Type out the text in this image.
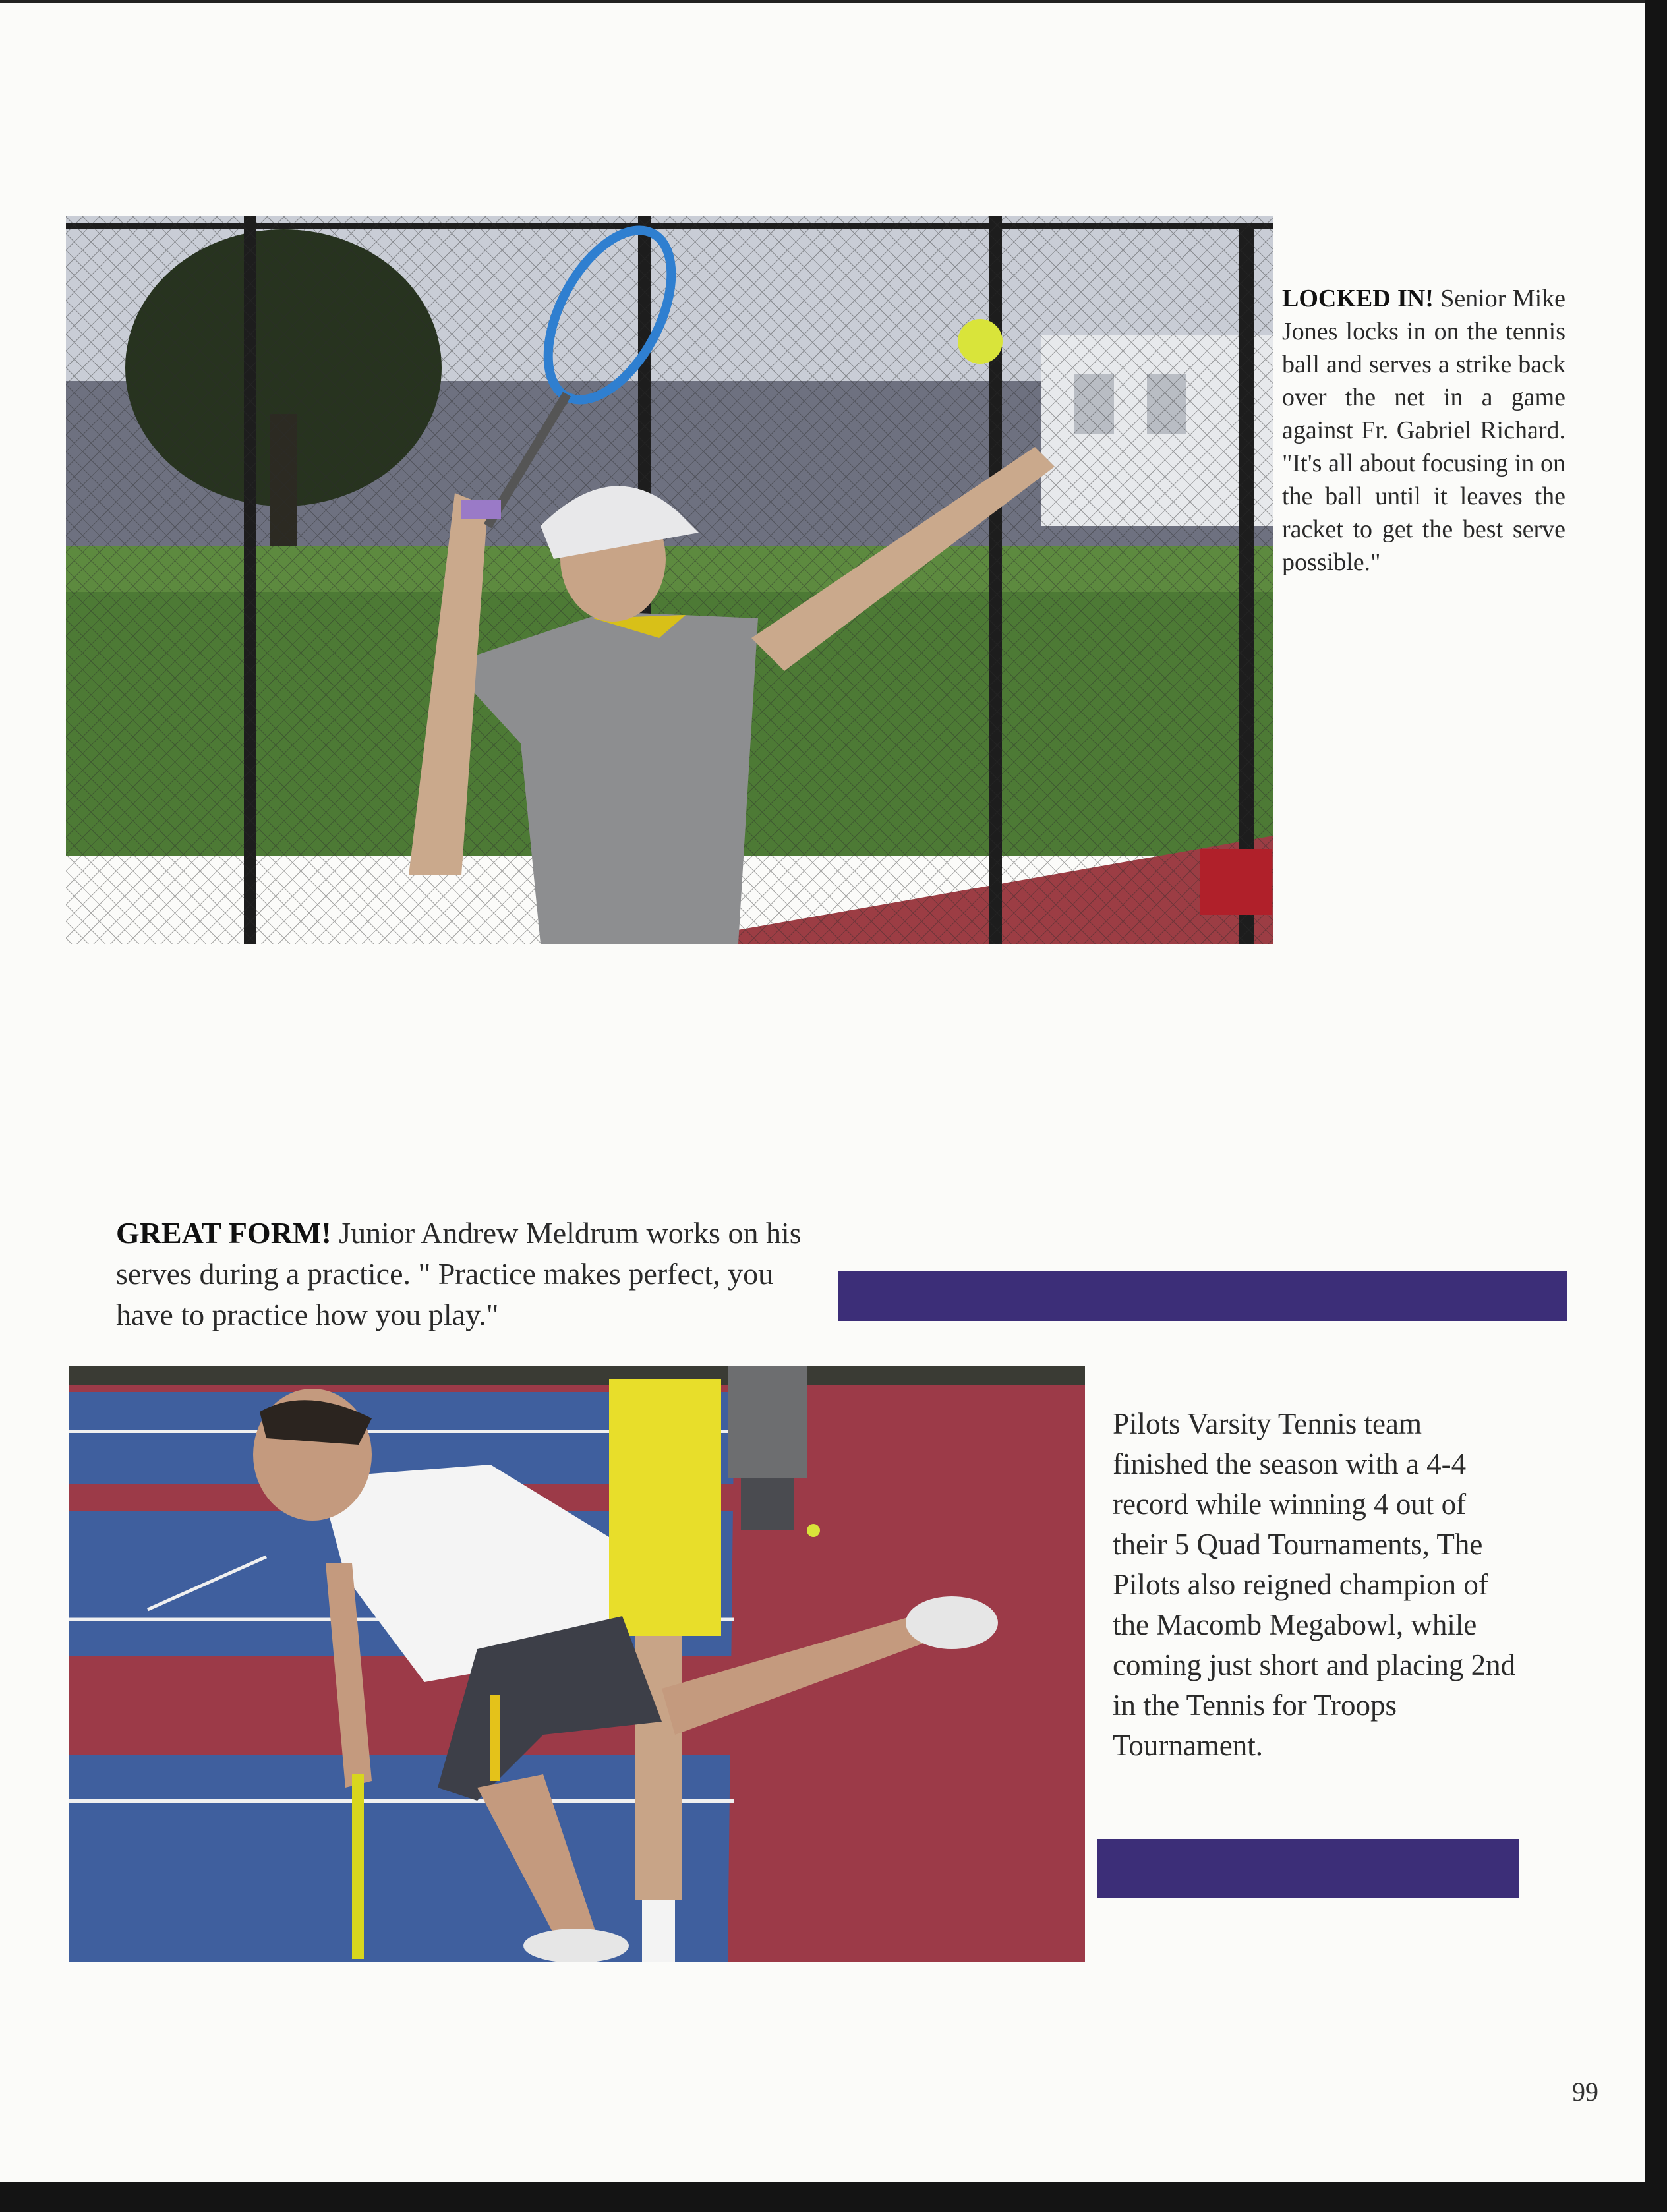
LOCKED IN! Senior Mike Jones locks in on the tennis ball and serves a strike back over the net in a game against Fr. Gabriel Richard. "It's all about focusing in on the ball until it leaves the racket to get the best serve possible."
GREAT FORM! Junior Andrew Meldrum works on his serves during a practice. " Practice makes perfect, you have to practice how you play."
Pilots Varsity Tennis team finished the season with a 4-4 record while winning 4 out of their 5 Quad Tournaments, The Pilots also reigned champion of the Macomb Megabowl, while coming just short and placing 2nd in the Tennis for Troops Tournament.
99
